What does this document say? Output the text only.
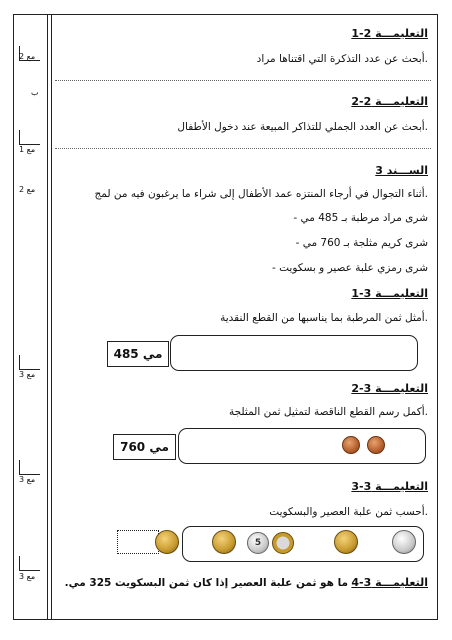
مع 2
ب
مع 1
مع 2
مع 3
مع 3
مع 3
التعليمـــة 2-1
.أبحث عن عدد التذكرة التي اقتناها مراد
التعليمـــة 2-2
.أبحث عن العدد الجملي للتذاكر المبيعة عند دخول الأطفال
الســـند 3
.أثناء التجوال في أرجاء المنتزه عمد الأطفال إلى شراء ما يرغبون فيه من لمج
شرى مراد مرطبة بـ 485 مي -
شرى كريم مثلجة بـ 760 مي -
شرى رمزي علبة عصير و بسكويت -
التعليمـــة 3-1
.أمثل ثمن المرطبة بما يناسبها من القطع النقدية
485 مي
التعليمـــة 3-2
.أكمل رسم القطع الناقصة لتمثيل ثمن المثلجة
760 مي
التعليمـــة 3-3
.أحسب ثمن علبة العصير والبسكويت
5
التعليمـــة 3-4 ما هو ثمن علبة العصير إذا كان ثمن البسكويت 325 مي.
